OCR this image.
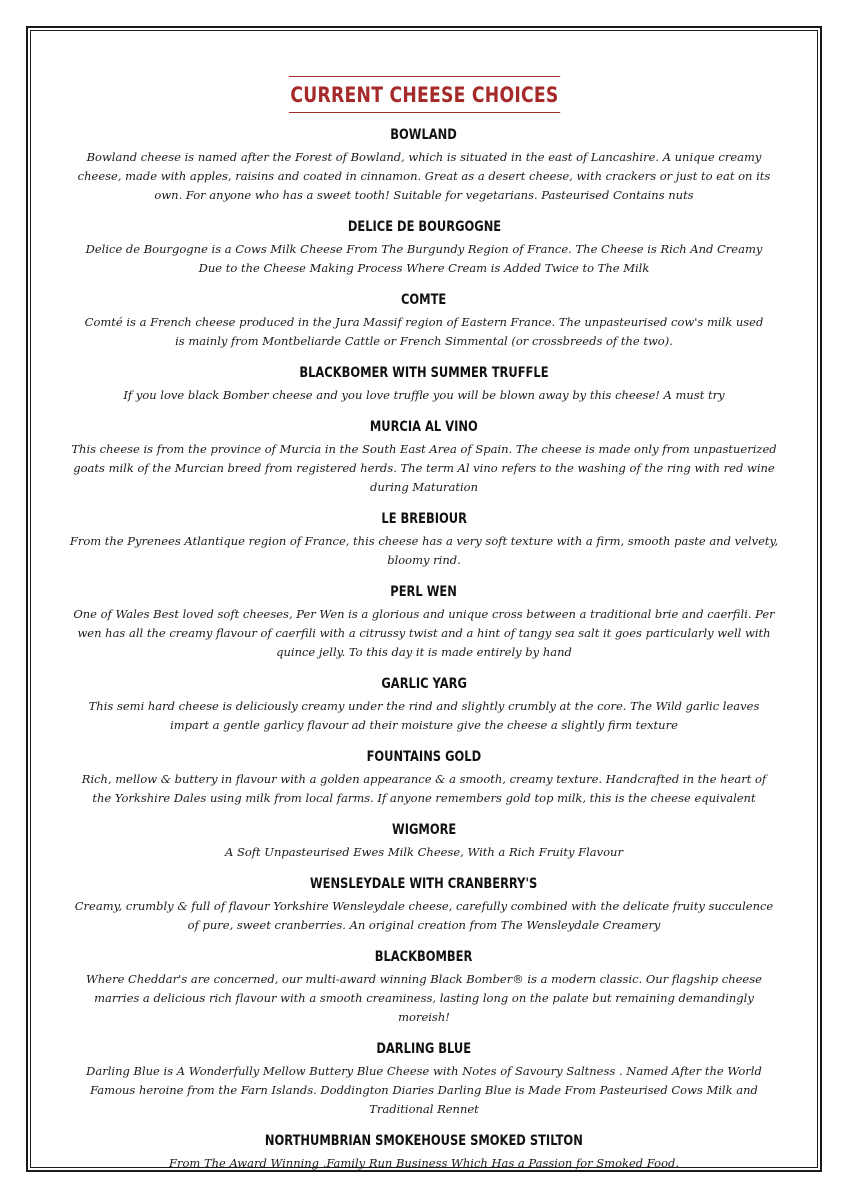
CURRENT CHEESE CHOICES
BOWLAND
Bowland cheese is named after the Forest of Bowland, which is situated in the east of Lancashire. A unique creamy cheese, made with apples, raisins and coated in cinnamon. Great as a desert cheese, with crackers or just to eat on its own. For anyone who has a sweet tooth! Suitable for vegetarians. Pasteurised Contains nuts
DELICE DE BOURGOGNE
Delice de Bourgogne is a Cows Milk Cheese From The Burgundy Region of France. The Cheese is Rich And Creamy Due to the Cheese Making Process Where Cream is Added Twice to The Milk
COMTE
Comté is a French cheese produced in the Jura Massif region of Eastern France. The unpasteurised cow's milk used is mainly from Montbeliarde Cattle or French Simmental (or crossbreeds of the two).
BLACKBOMER WITH SUMMER TRUFFLE
If you love black Bomber cheese and you love truffle you will be blown away by this cheese! A must try
MURCIA AL VINO
This cheese is from the province of Murcia in the South East Area of Spain. The cheese is made only from unpastuerized goats milk of the Murcian breed from registered herds. The term Al vino refers to the washing of the ring with red wine during Maturation
LE BREBIOUR
From the Pyrenees Atlantique region of France, this cheese has a very soft texture with a firm, smooth paste and velvety, bloomy rind.
PERL WEN
One of Wales Best loved soft cheeses, Per Wen is a glorious and unique cross between a traditional brie and caerfili. Per wen has all the creamy flavour of caerfili with a citrussy twist and a hint of tangy sea salt it goes particularly well with quince jelly. To this day it is made entirely by hand
GARLIC YARG
This semi hard cheese is deliciously creamy under the rind and slightly crumbly at the core. The Wild garlic leaves impart a gentle garlicy flavour ad their moisture give the cheese a slightly firm texture
FOUNTAINS GOLD
Rich, mellow & buttery in flavour with a golden appearance & a smooth, creamy texture. Handcrafted in the heart of the Yorkshire Dales using milk from local farms. If anyone remembers gold top milk, this is the cheese equivalent
WIGMORE
A Soft Unpasteurised Ewes Milk Cheese, With a Rich Fruity Flavour
WENSLEYDALE WITH CRANBERRY'S
Creamy, crumbly & full of flavour Yorkshire Wensleydale cheese, carefully combined with the delicate fruity succulence of pure, sweet cranberries. An original creation from The Wensleydale Creamery
BLACKBOMBER
Where Cheddar's are concerned, our multi-award winning Black Bomber® is a modern classic. Our flagship cheese marries a delicious rich flavour with a smooth creaminess, lasting long on the palate but remaining demandingly moreish!
DARLING BLUE
Darling Blue is A Wonderfully Mellow Buttery Blue Cheese with Notes of Savoury Saltness . Named After the World Famous heroine from the Farn Islands. Doddington Diaries Darling Blue is Made From Pasteurised Cows Milk and Traditional Rennet
NORTHUMBRIAN SMOKEHOUSE SMOKED STILTON
From The Award Winning ,Family Run Business Which Has a Passion for Smoked Food.
